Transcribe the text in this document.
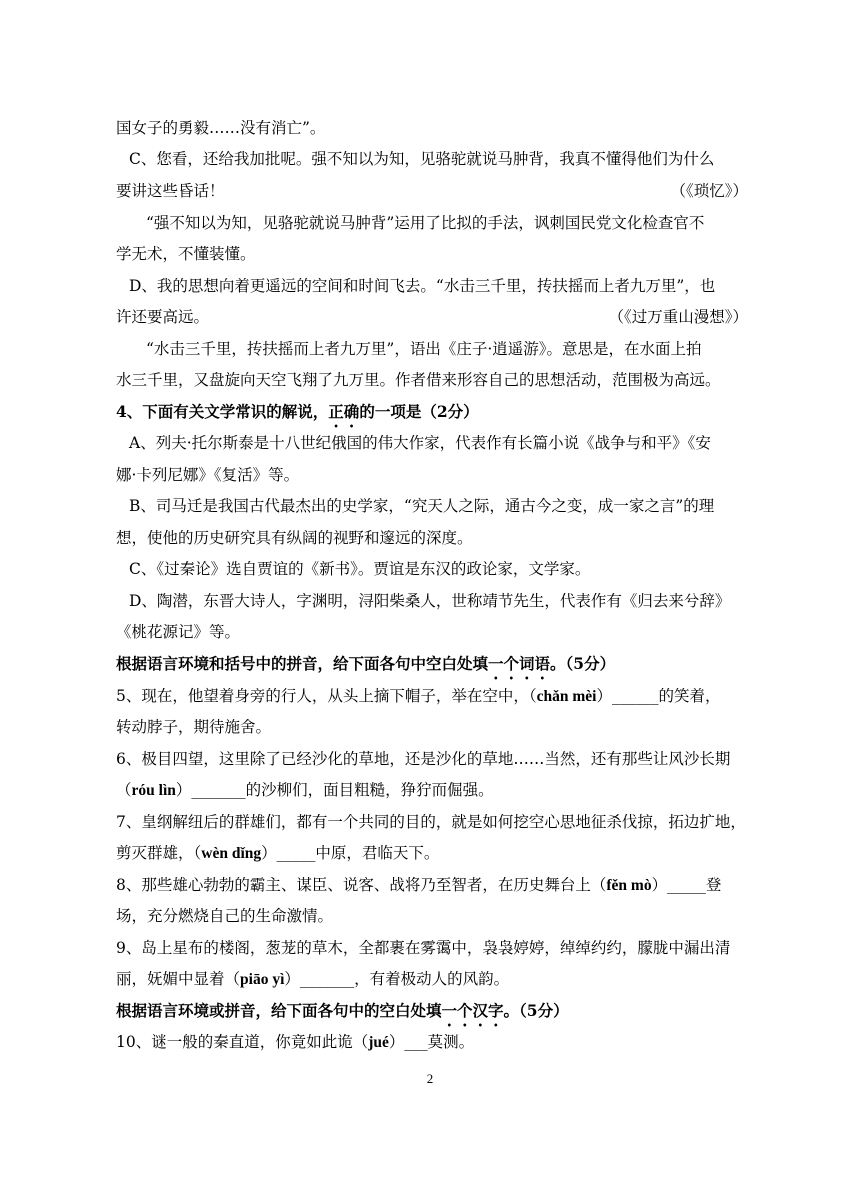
国女子的勇毅……没有消亡”。
C、您看，还给我加批呢。强不知以为知，见骆驼就说马肿背，我真不懂得他们为什么
要讲这些昏话！	（《琐忆》）
“强不知以为知，见骆驼就说马肿背”运用了比拟的手法，讽刺国民党文化检查官不
学无术，不懂装懂。
D、我的思想向着更遥远的空间和时间飞去。“水击三千里，抟扶摇而上者九万里”，也
许还要高远。	（《过万重山漫想》）
“水击三千里，抟扶摇而上者九万里”，语出《庄子·逍遥游》。意思是，在水面上拍
水三千里，又盘旋向天空飞翔了九万里。作者借来形容自己的思想活动，范围极为高远。
4、下面有关文学常识的解说，正确的一项是（2分）
A、列夫·托尔斯泰是十八世纪俄国的伟大作家，代表作有长篇小说《战争与和平》《安
娜·卡列尼娜》《复活》等。
B、司马迁是我国古代最杰出的史学家，“究天人之际，通古今之变，成一家之言”的理
想，使他的历史研究具有纵阔的视野和邃远的深度。
C、《过秦论》选自贾谊的《新书》。贾谊是东汉的政论家，文学家。
D、陶潜，东晋大诗人，字渊明，浔阳柴桑人，世称靖节先生，代表作有《归去来兮辞》
《桃花源记》等。
根据语言环境和括号中的拼音，给下面各句中空白处填一个词语。（5分）
5、现在，他望着身旁的行人，从头上摘下帽子，举在空中，（chǎn mèi）______的笑着，
转动脖子，期待施舍。
6、极目四望，这里除了已经沙化的草地，还是沙化的草地……当然，还有那些让风沙长期
（róu lìn）_______的沙柳们，面目粗糙，狰狞而倔强。
7、皇纲解纽后的群雄们，都有一个共同的目的，就是如何挖空心思地征杀伐掠，拓边扩地，
剪灭群雄，（wèn dǐng）_____中原，君临天下。
8、那些雄心勃勃的霸主、谋臣、说客、战将乃至智者，在历史舞台上（fěn mò）_____登
场，充分燃烧自己的生命激情。
9、岛上星布的楼阁，葱茏的草木，全都裹在雾霭中，袅袅婷婷，绰绰约约，朦胧中漏出清
丽，妩媚中显着（piāo yì）_______，有着极动人的风韵。
根据语言环境或拼音，给下面各句中的空白处填一个汉字。（5分）
10、谜一般的秦直道，你竟如此诡（jué）___莫测。
2
